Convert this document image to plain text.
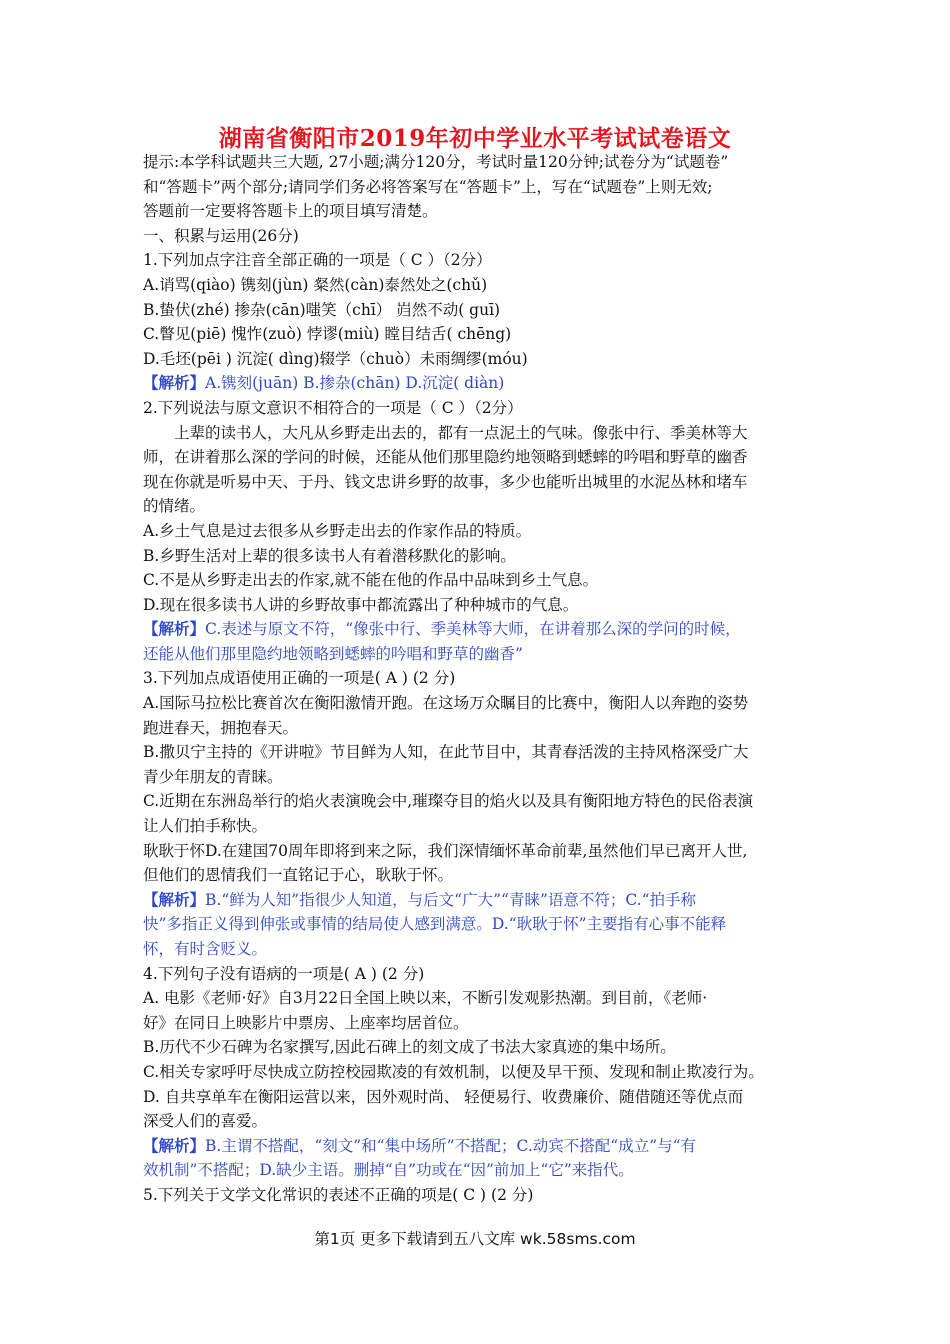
湖南省衡阳市2019年初中学业水平考试试卷语文

提示:本学科试题共三大题, 27小题;满分120分，考试时量120分钟;试卷分为“试题卷”

和“答题卡”两个部分;请同学们务必将答案写在“答题卡”上，写在“试题卷”上则无效;

答题前一定要将答题卡上的项目填写清楚。

一、积累与运用(26分)

1.下列加点字注音全部正确的一项是（ C ）（2分）

A.诮骂(qiào) 镌刻(jùn) 粲然(càn)泰然处之(chǔ)

B.蛰伏(zhé) 掺杂(cān)嗤笑（chī） 岿然不动( guī)

C.瞥见(piē) 愧怍(zuò) 悖谬(miù) 瞠目结舌( chēng)

D.毛坯(pēi ) 沉淀( dìng)辍学（chuò）未雨绸缪(móu)

【解析】A.镌刻(juān) B.掺杂(chān) D.沉淀( diàn)

2.下列说法与原文意识不相符合的一项是（ C ）（2分）

上辈的读书人，大凡从乡野走出去的，都有一点泥土的气味。像张中行、季美林等大

师，在讲着那么深的学问的时候，还能从他们那里隐约地领略到蟋蟀的吟唱和野草的幽香

现在你就是听易中天、于丹、钱文忠讲乡野的故事，多少也能听出城里的水泥丛林和堵车

的情绪。

A.乡土气息是过去很多从乡野走出去的作家作品的特质。

B.乡野生活对上辈的很多读书人有着潜移默化的影响。

C.不是从乡野走出去的作家,就不能在他的作品中品味到乡土气息。

D.现在很多读书人讲的乡野故事中都流露出了种种城市的气息。

【解析】C.表述与原文不符，“像张中行、季美林等大师，在讲着那么深的学问的时候，

还能从他们那里隐约地领略到蟋蟀的吟唱和野草的幽香”

3.下列加点成语使用正确的一项是( A ) (2 分)

A.国际马拉松比赛首次在衡阳激情开跑。在这场万众瞩目的比赛中，衡阳人以奔跑的姿势

跑进春天，拥抱春天。

B.撒贝宁主持的《开讲啦》节目鲜为人知，在此节目中，其青春活泼的主持风格深受广大

青少年朋友的青睐。

C.近期在东洲岛举行的焰火表演晚会中,璀璨夺目的焰火以及具有衡阳地方特色的民俗表演

让人们拍手称快。

耿耿于怀D.在建国70周年即将到来之际，我们深情缅怀革命前辈,虽然他们早已离开人世,

但他们的恩情我们一直铭记于心，耿耿于怀。

【解析】B.“鲜为人知”指很少人知道，与后文“广大”“青睐”语意不符；C.“拍手称

快”多指正义得到伸张或事情的结局使人感到满意。D.“耿耿于怀”主要指有心事不能释

怀，有时含贬义。

4.下列句子没有语病的一项是( A ) (2 分)

A. 电影《老师·好》自3月22日全国上映以来，不断引发观影热潮。到目前，《老师·

好》在同日上映影片中票房、上座率均居首位。

B.历代不少石碑为名家撰写,因此石碑上的刻文成了书法大家真迹的集中场所。

C.相关专家呼吁尽快成立防控校园欺凌的有效机制，以便及早干预、发现和制止欺凌行为。

D. 自共享单车在衡阳运营以来，因外观时尚、 轻便易行、收费廉价、随借随还等优点而

深受人们的喜爱。

【解析】B.主谓不搭配，“刻文”和“集中场所”不搭配；C.动宾不搭配“成立”与“有

效机制”不搭配；D.缺少主语。删掉“自”功或在“因”前加上“它”来指代。

5.下列关于文学文化常识的表述不正确的项是( C ) (2 分)

第1页 更多下载请到五八文库 wk.58sms.com
